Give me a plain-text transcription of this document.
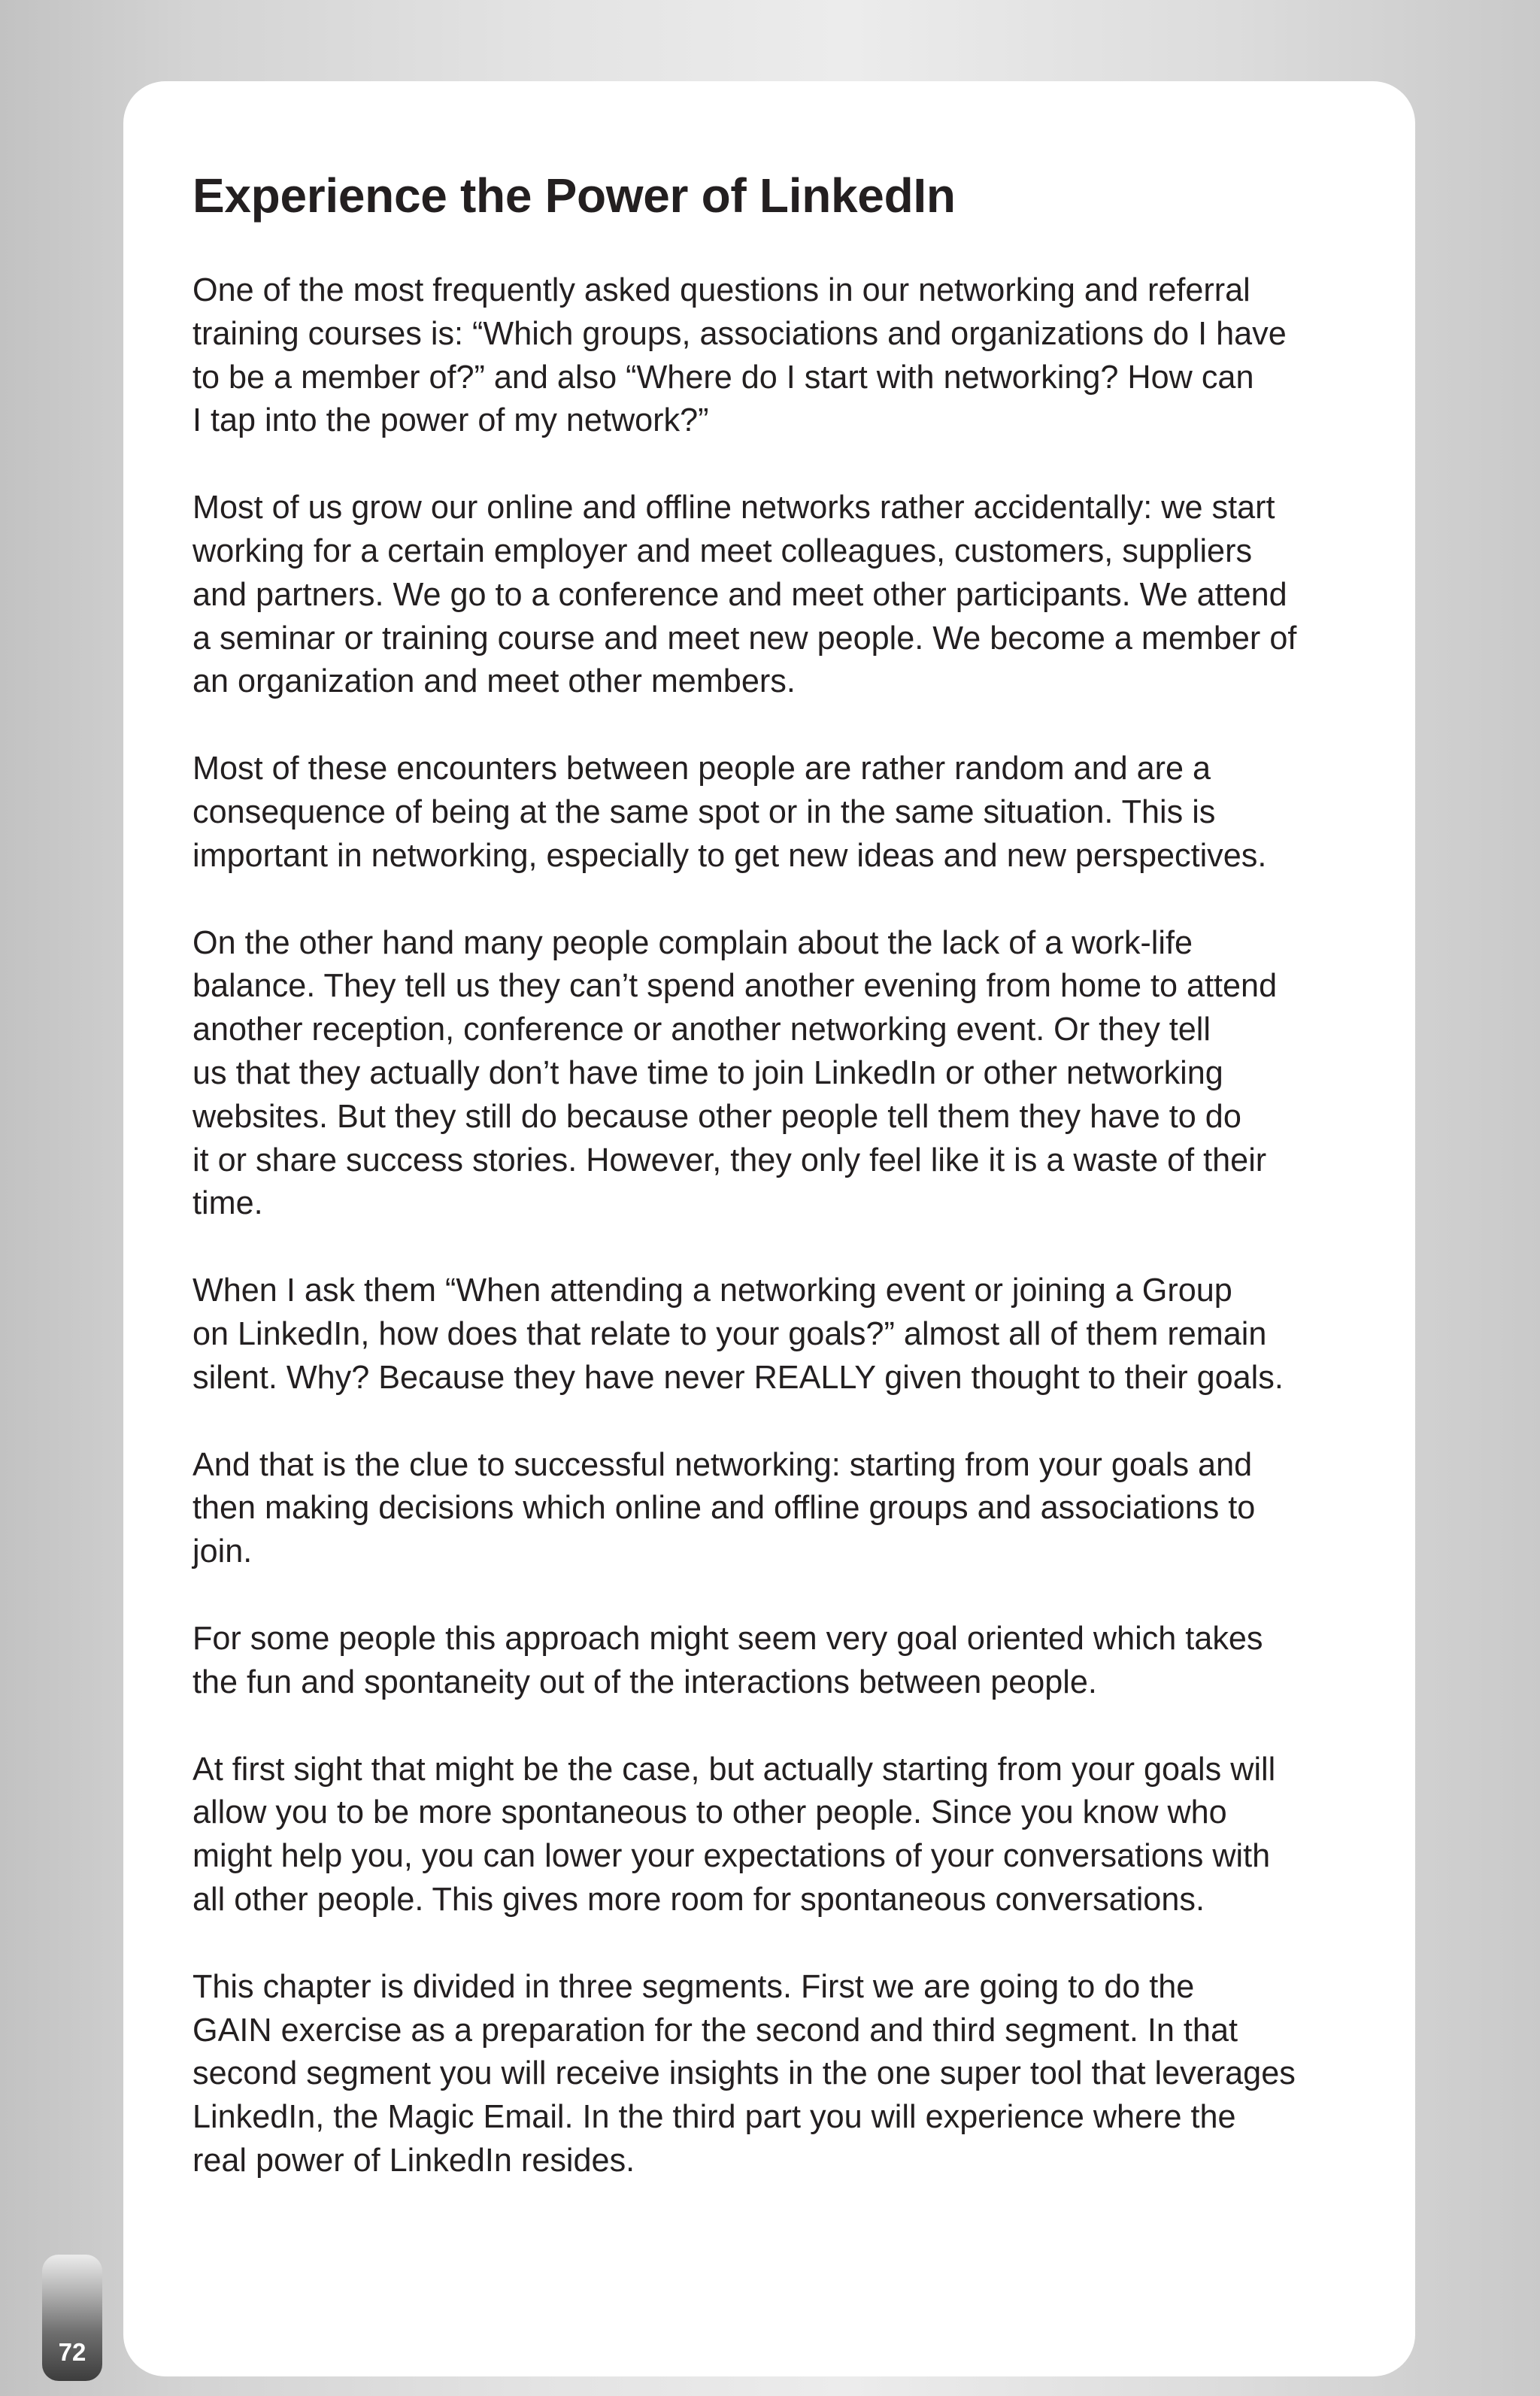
Experience the Power of LinkedIn

One of the most frequently asked questions in our networking and referral
training courses is: “Which groups, associations and organizations do I have
to be a member of?” and also “Where do I start with networking? How can
I tap into the power of my network?”

Most of us grow our online and offline networks rather accidentally: we start
working for a certain employer and meet colleagues, customers, suppliers
and partners. We go to a conference and meet other participants. We attend
a seminar or training course and meet new people. We become a member of
an organization and meet other members.

Most of these encounters between people are rather random and are a
consequence of being at the same spot or in the same situation. This is
important in networking, especially to get new ideas and new perspectives.

On the other hand many people complain about the lack of a work-life
balance. They tell us they can’t spend another evening from home to attend
another reception, conference or another networking event. Or they tell
us that they actually don’t have time to join LinkedIn or other networking
websites. But they still do because other people tell them they have to do
it or share success stories. However, they only feel like it is a waste of their
time.

When I ask them “When attending a networking event or joining a Group
on LinkedIn, how does that relate to your goals?” almost all of them remain
silent. Why? Because they have never REALLY given thought to their goals.

And that is the clue to successful networking: starting from your goals and
then making decisions which online and offline groups and associations to
join.

For some people this approach might seem very goal oriented which takes
the fun and spontaneity out of the interactions between people.

At first sight that might be the case, but actually starting from your goals will
allow you to be more spontaneous to other people. Since you know who
might help you, you can lower your expectations of your conversations with
all other people. This gives more room for spontaneous conversations.

This chapter is divided in three segments. First we are going to do the
GAIN exercise as a preparation for the second and third segment. In that
second segment you will receive insights in the one super tool that leverages
LinkedIn, the Magic Email. In the third part you will experience where the
real power of LinkedIn resides.

72
